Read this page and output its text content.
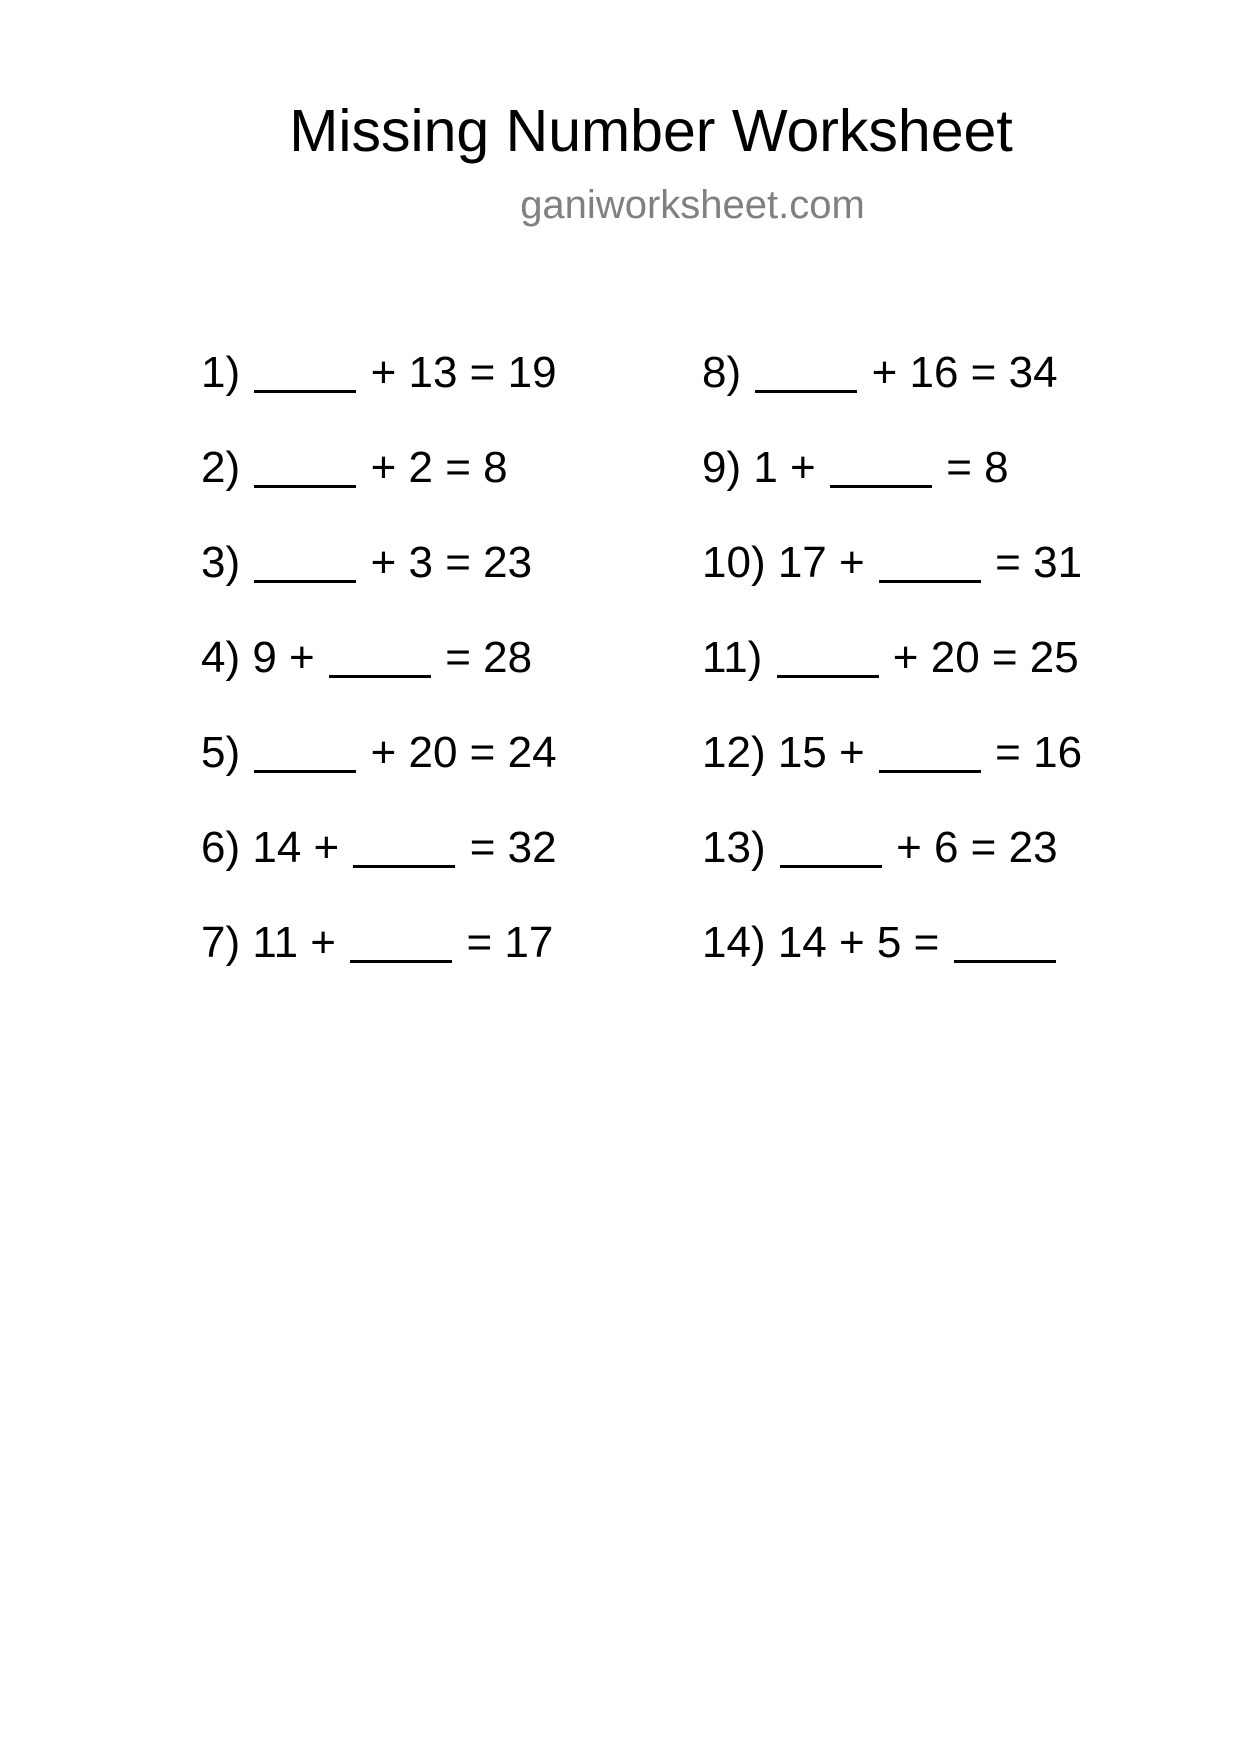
Missing Number Worksheet
ganiworksheet.com
1)	+ 13 = 19
2)	+ 2 = 8
3)	+ 3 = 23
4) 9 +	= 28
5)	+ 20 = 24
6) 14 +	= 32
7) 11 +	= 17
8)	+ 16 = 34
9) 1 +	= 8
10) 17 +	= 31
11)	+ 20 = 25
12) 15 +	= 16
13)	+ 6 = 23
14) 14 + 5 =
